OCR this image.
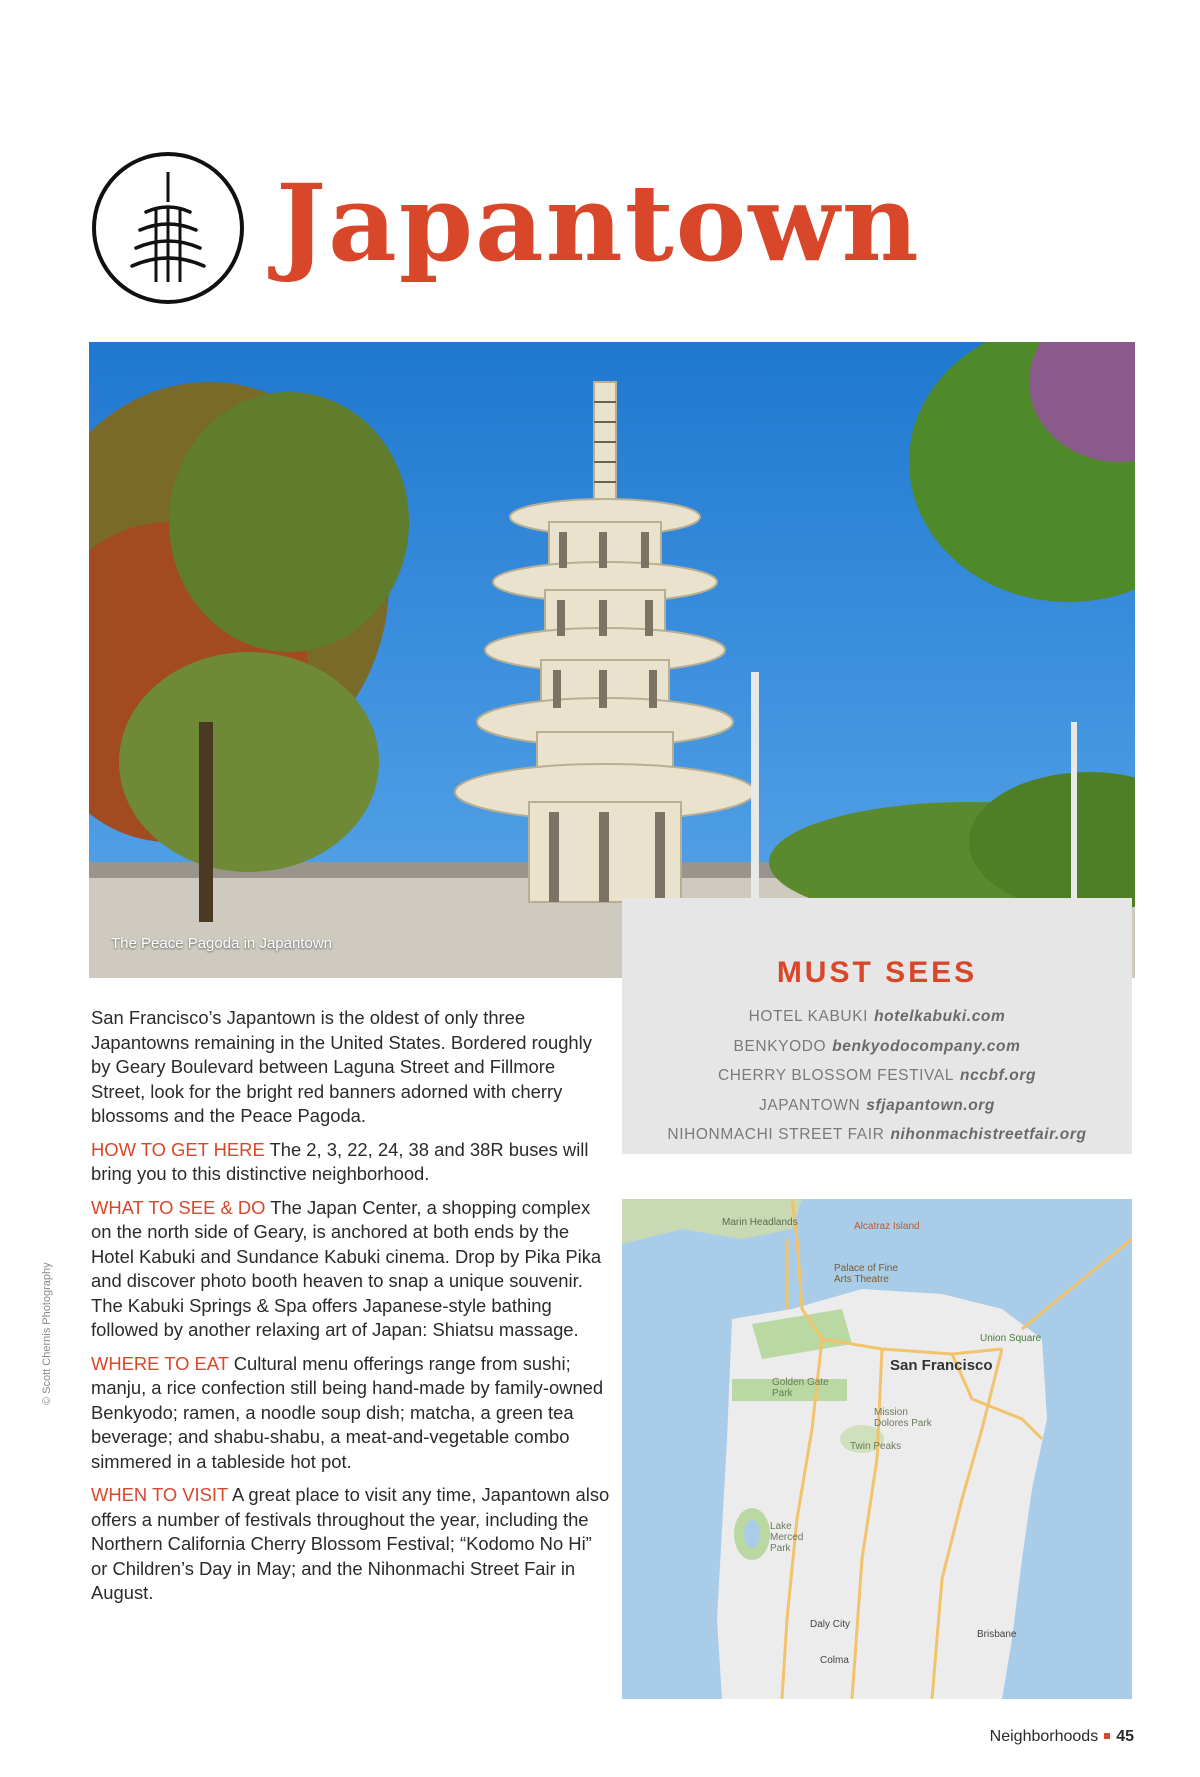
Japantown
The Peace Pagoda in Japantown
© Scott Chernis Photography

San Francisco’s Japantown is the oldest of only three Japantowns remaining in the United States. Bordered roughly by Geary Boulevard between Laguna Street and Fillmore Street, look for the bright red banners adorned with cherry blossoms and the Peace Pagoda.

HOW TO GET HERE The 2, 3, 22, 24, 38 and 38R buses will bring you to this distinctive neighborhood.

WHAT TO SEE & DO The Japan Center, a shopping complex on the north side of Geary, is anchored at both ends by the Hotel Kabuki and Sundance Kabuki cinema. Drop by Pika Pika and discover photo booth heaven to snap a unique souvenir. The Kabuki Springs & Spa offers Japanese-style bathing followed by another relaxing art of Japan: Shiatsu massage.

WHERE TO EAT Cultural menu offerings range from sushi; manju, a rice confection still being hand-made by family-owned Benkyodo; ramen, a noodle soup dish; matcha, a green tea beverage; and shabu-shabu, a meat-and-vegetable combo simmered in a tableside hot pot.

WHEN TO VISIT A great place to visit any time, Japantown also offers a number of festivals throughout the year, including the Northern California Cherry Blossom Festival; “Kodomo No Hi” or Children’s Day in May; and the Nihonmachi Street Fair in August.

MUST SEES
HOTEL KABUKI hotelkabuki.com
BENKYODO benkyodocompany.com
CHERRY BLOSSOM FESTIVAL nccbf.org
JAPANTOWN sfjapantown.org
NIHONMACHI STREET FAIR nihonmachistreetfair.org
Marin Headlands	Alcatraz Island
Palace of Fine Arts Theatre
Union Square
San Francisco
Golden Gate Park
Mission Dolores Park
Twin Peaks
Lake Merced Park
Daly City
Brisbane
Colma
Neighborhoods 45
